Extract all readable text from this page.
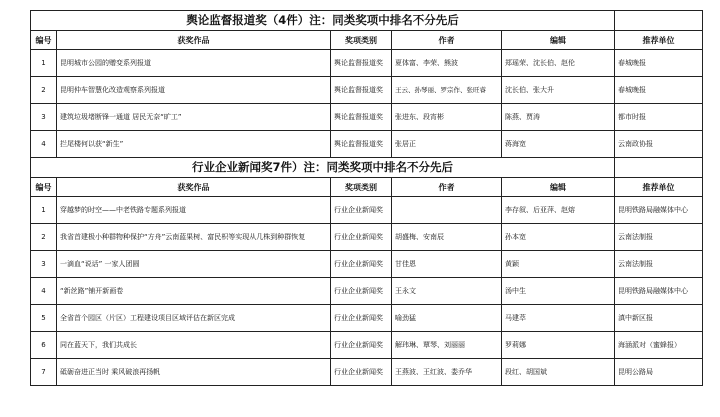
舆论监督报道奖（4件）注：同类奖项中排名不分先后					
编号	获奖作品	奖项类别	作者	编辑	推荐单位
1	昆明城市公园的赠变系列报道	舆论监督报道奖	夏体富、李荣、熊波	郑瑶荣、沈长伯、赵伦	春城晚报
2	昆明仲车智慧化改造观察系列报道	舆论监督报道奖	王云、孙琴丽、罗宗作、张旺睿	沈长伯、张大升	春城晚报
3	建筑垃圾堵断锋一通道 居民无奈“旷工”	舆论监督报道奖	张进东、段宵彬	陈燕、贾涛	都市时报
4	拦尾楼何以获“新生”	舆论监督报道奖	张居正	蒋海宽	云南政协报
行业企业新闻奖7件）注：同类奖项中排名不分先后					
编号	获奖作品	奖项类别	作者	编辑	推荐单位
1	穿越梦的时空——中老铁路专题系列报道	行业企业新闻奖		李存叙、后亚萍、赵熔	昆明铁路局融媒体中心
2	我省首建极小种群物种保护“方舟”云南蓝果树、富民枳等实现从几株到种群恢复	行业企业新闻奖	胡盛梅、安南辰	孙本宽	云南法制报
3	一滴血“说话” 一家人团圆	行业企业新闻奖	甘佳恩	黄颖	云南法制报
4	“新丝路”铺开新画卷	行业企业新闻奖	王永文	汤中生	昆明铁路局融媒体中心
5	全省首个园区（片区）工程建设项目区域评估在新区完成	行业企业新闻奖	喻劲猛	马建萃	滇中新区报
6	同在蓝天下，我们共成长	行业企业新闻奖	解玮琳、覃琴、刘丽丽	罗莉娜	海涵派对（蜜蜂报）
7	砥砺奋进正当时 乘风破浪再扬帆	行业企业新闻奖	王燕波、王红波、娄乔华	段红、胡国斌	昆明公路局
